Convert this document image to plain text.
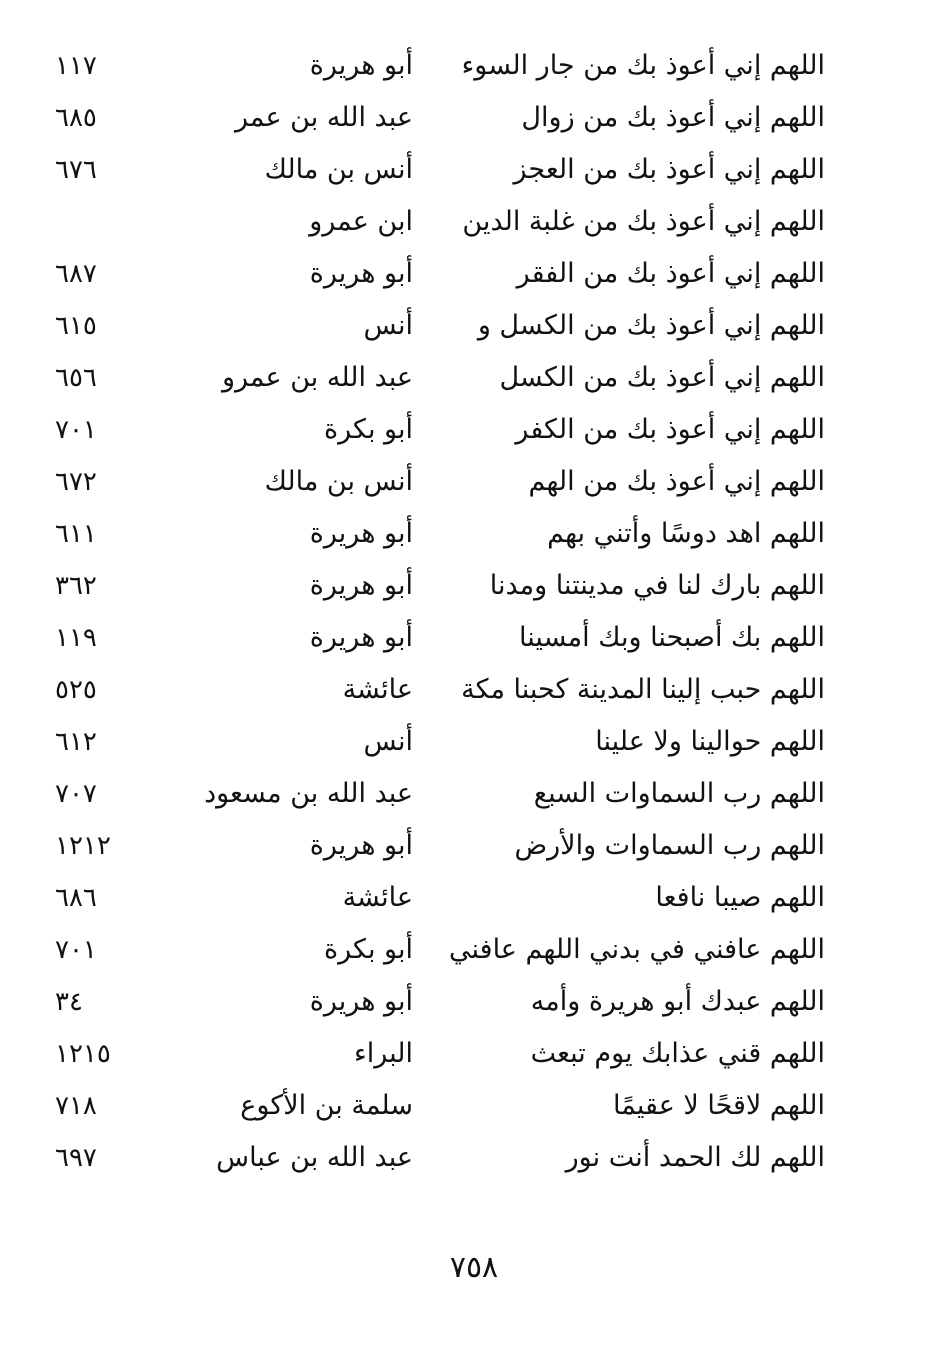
اللهم إني أعوذ بك من جار السوء
أبو هريرة
١١٧
اللهم إني أعوذ بك من زوال
عبد الله بن عمر
٦٨٥
اللهم إني أعوذ بك من العجز
أنس بن مالك
٦٧٦
اللهم إني أعوذ بك من غلبة الدين
ابن عمرو
اللهم إني أعوذ بك من الفقر
أبو هريرة
٦٨٧
اللهم إني أعوذ بك من الكسل و
أنس
٦١٥
اللهم إني أعوذ بك من الكسل
عبد الله بن عمرو
٦٥٦
اللهم إني أعوذ بك من الكفر
أبو بكرة
٧٠١
اللهم إني أعوذ بك من الهم
أنس بن مالك
٦٧٢
اللهم اهد دوسًا وأتني بهم
أبو هريرة
٦١١
اللهم بارك لنا في مدينتنا ومدنا
أبو هريرة
٣٦٢
اللهم بك أصبحنا وبك أمسينا
أبو هريرة
١١٩
اللهم حبب إلينا المدينة كحبنا مكة
عائشة
٥٢٥
اللهم حوالينا ولا علينا
أنس
٦١٢
اللهم رب السماوات السبع
عبد الله بن مسعود
٧٠٧
اللهم رب السماوات والأرض
أبو هريرة
١٢١٢
اللهم صيبا نافعا
عائشة
٦٨٦
اللهم عافني في بدني اللهم عافني
أبو بكرة
٧٠١
اللهم عبدك أبو هريرة وأمه
أبو هريرة
٣٤
اللهم قني عذابك يوم تبعث
البراء
١٢١٥
اللهم لاقحًا لا عقيمًا
سلمة بن الأكوع
٧١٨
اللهم لك الحمد أنت نور
عبد الله بن عباس
٦٩٧
٧٥٨
